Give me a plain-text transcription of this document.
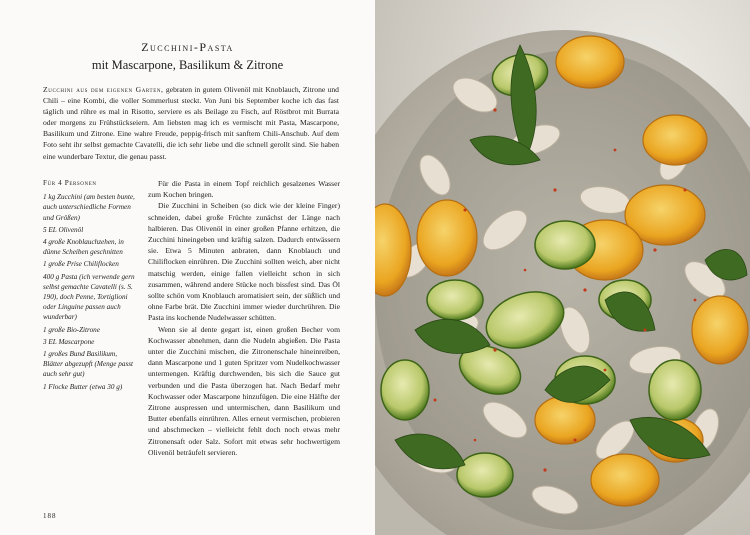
Zucchini-Pasta
mit Mascarpone, Basilikum & Zitrone
Zucchini aus dem eigenen Garten, gebraten in gutem Olivenöl mit Knoblauch, Zitrone und Chili – eine Kombi, die voller Sommerlust steckt. Von Juni bis September koche ich das fast täglich und rühre es mal in Risotto, serviere es als Beilage zu Fisch, auf Röstbrot mit Burrata oder morgens zu Frühstückseiern. Am liebsten mag ich es vermischt mit Pasta, Mascarpone, Basilikum und Zitrone. Eine wahre Freude, peppig-frisch mit sanftem Chili-Anschub. Auf dem Foto seht ihr selbst gemachte Cavatelli, die ich sehr liebe und die schnell gerollt sind. Sie haben eine wunderbare Textur, die genau passt.
Für 4 Personen
1 kg Zucchini (am besten bunte, auch unterschiedliche Formen und Größen)
5 EL Olivenöl
4 große Knoblauchzehen, in dünne Scheiben geschnitten
1 große Prise Chiliflocken
400 g Pasta (ich verwende gern selbst gemachte Cavatelli (s. S. 190), doch Penne, Tortiglioni oder Linguine passen auch wunderbar)
1 große Bio-Zitrone
3 EL Mascarpone
1 großes Bund Basilikum, Blätter abgezupft (Menge passt auch sehr gut)
1 Flocke Butter (etwa 30 g)

Für die Pasta in einem Topf reichlich gesalzenes Wasser zum Kochen bringen.

Die Zucchini in Scheiben (so dick wie der kleine Finger) schneiden, dabei große Früchte zunächst der Länge nach halbieren. Das Olivenöl in einer großen Pfanne erhitzen, die Zucchini hineingeben und kräftig salzen. Dadurch entwässern sie. Etwa 5 Minuten anbraten, dann Knoblauch und Chiliflocken einrühren. Die Zucchini sollten weich, aber nicht matschig werden, einige fallen vielleicht schon in sich zusammen, während andere Stücke noch bissfest sind. Das Öl sollte schön vom Knoblauch aromatisiert sein, der süßlich und ohne Farbe brät. Die Zucchini immer wieder durchrühren. Die Pasta ins kochende Nudelwasser schütten.

Wenn sie al dente gegart ist, einen großen Becher vom Kochwasser abnehmen, dann die Nudeln abgießen. Die Pasta unter die Zucchini mischen, die Zitronenschale hineinreiben, dann Mascarpone und 1 guten Spritzer vom Nudelkochwasser untermengen. Kräftig durchwenden, bis sich die Sauce gut verbunden und die Pasta überzogen hat. Nach Bedarf mehr Kochwasser oder Mascarpone hinzufügen. Die eine Hälfte der Zitrone auspressen und untermischen, dann Basilikum und Butter ebenfalls einrühren. Alles erneut vermischen, probieren und abschmecken – vielleicht fehlt doch noch etwas mehr Zitronensaft oder Salz. Sofort mit etwas sehr hochwertigem Olivenöl beträufelt servieren.

188
